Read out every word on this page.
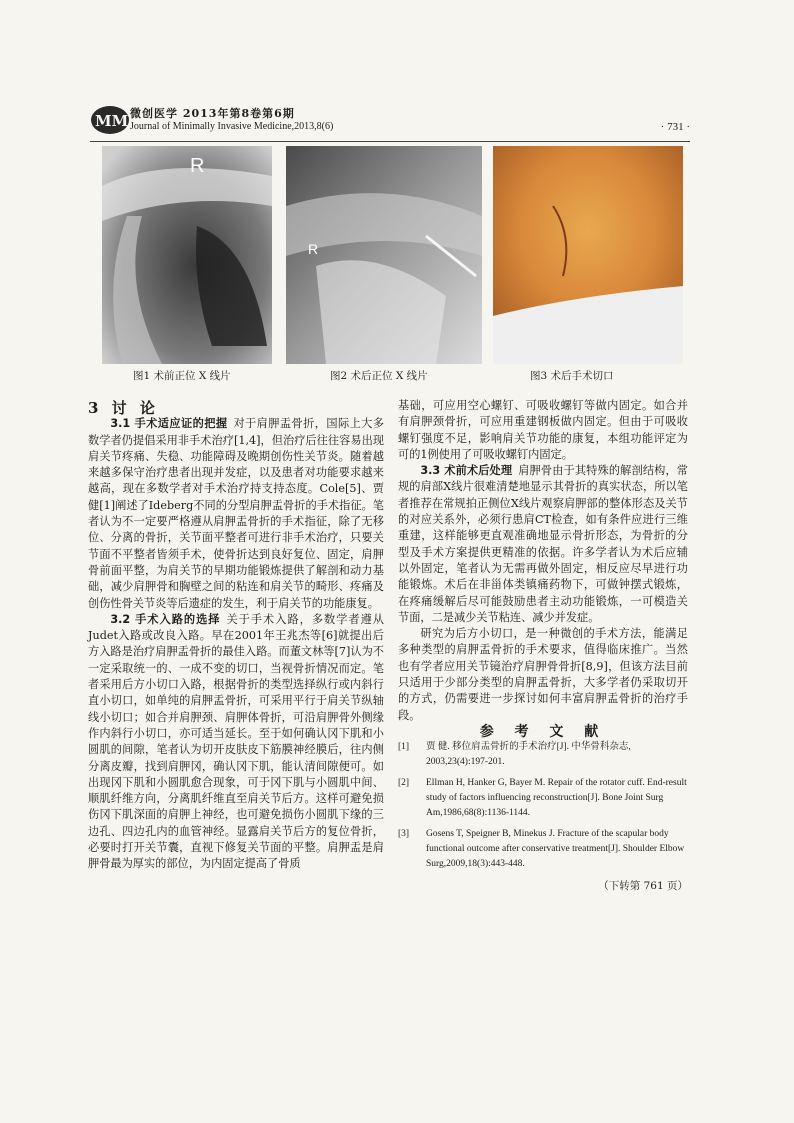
MM 微创医学 2013年第8卷第6期
Journal of Minimally Invasive Medicine,2013,8(6)	· 731 ·
R
R
图1 术前正位 X 线片	图2 术后正位 X 线片	图3 术后手术切口

3 讨 论

3.1 手术适应证的把握 对于肩胛盂骨折，国际上大多数学者仍提倡采用非手术治疗[1,4]，但治疗后往往容易出现肩关节疼痛、失稳、功能障碍及晚期创伤性关节炎。随着越来越多保守治疗患者出现并发症，以及患者对功能要求越来越高，现在多数学者对手术治疗持支持态度。Cole[5]、贾健[1]阐述了Ideberg不同的分型肩胛盂骨折的手术指征。笔者认为不一定要严格遵从肩胛盂骨折的手术指征，除了无移位、分离的骨折，关节面平整者可进行非手术治疗，只要关节面不平整者皆须手术，使骨折达到良好复位、固定，肩胛骨前面平整，为肩关节的早期功能锻炼提供了解剖和动力基础，减少肩胛骨和胸壁之间的粘连和肩关节的畸形、疼痛及创伤性骨关节炎等后遗症的发生，利于肩关节的功能康复。

3.2 手术入路的选择 关于手术入路，多数学者遵从Judet入路或改良入路。早在2001年王兆杰等[6]就提出后方入路是治疗肩胛盂骨折的最佳入路。而董文林等[7]认为不一定采取统一的、一成不变的切口，当视骨折情况而定。笔者采用后方小切口入路，根据骨折的类型选择纵行或内斜行直小切口，如单纯的肩胛盂骨折，可采用平行于肩关节纵轴线小切口；如合并肩胛颈、肩胛体骨折，可沿肩胛骨外侧缘作内斜行小切口，亦可适当延长。至于如何确认冈下肌和小圆肌的间隙，笔者认为切开皮肤皮下筋膜神经膜后，往内侧分离皮瓣，找到肩胛冈，确认冈下肌，能认清间隙便可。如出现冈下肌和小圆肌愈合现象，可于冈下肌与小圆肌中间、顺肌纤维方向，分离肌纤维直至肩关节后方。这样可避免损伤冈下肌深面的肩胛上神经，也可避免损伤小圆肌下缘的三边孔、四边孔内的血管神经。显露肩关节后方的复位骨折，必要时打开关节囊，直视下修复关节面的平整。肩胛盂是肩胛骨最为厚实的部位，为内固定提高了骨质

基础，可应用空心螺钉、可吸收螺钉等做内固定。如合并有肩胛颈骨折，可应用重建钢板做内固定。但由于可吸收螺钉强度不足，影响肩关节功能的康复，本组功能评定为可的1例使用了可吸收螺钉内固定。

3.3 术前术后处理 肩胛骨由于其特殊的解剖结构，常规的肩部X线片很难清楚地显示其骨折的真实状态，所以笔者推荐在常规拍正侧位X线片观察肩胛部的整体形态及关节的对应关系外，必须行患肩CT检查，如有条件应进行三维重建，这样能够更直观准确地显示骨折形态，为骨折的分型及手术方案提供更精准的依据。许多学者认为术后应辅以外固定，笔者认为无需再做外固定，相反应尽早进行功能锻炼。术后在非甾体类镇痛药物下，可做钟摆式锻炼，在疼痛缓解后尽可能鼓励患者主动功能锻炼，一可模造关节面，二是减少关节粘连、减少并发症。

研究为后方小切口，是一种微创的手术方法，能满足多种类型的肩胛盂骨折的手术要求，值得临床推广。当然也有学者应用关节镜治疗肩胛骨骨折[8,9]，但该方法目前只适用于少部分类型的肩胛盂骨折，大多学者仍采取切开的方式，仍需要进一步探讨如何丰富肩胛盂骨折的治疗手段。

参 考 文 献

[1] 贾 健. 移位肩盂骨折的手术治疗[J]. 中华骨科杂志, 2003,23(4):197-201.
[2] Ellman H, Hanker G, Bayer M. Repair of the rotator cuff. End-result study of factors influencing reconstruction[J]. Bone Joint Surg Am,1986,68(8):1136-1144.
[3] Gosens T, Speigner B, Minekus J. Fracture of the scapular body functional outcome after conservative treatment[J]. Shoulder Elbow Surg,2009,18(3):443-448.
（下转第 761 页）
